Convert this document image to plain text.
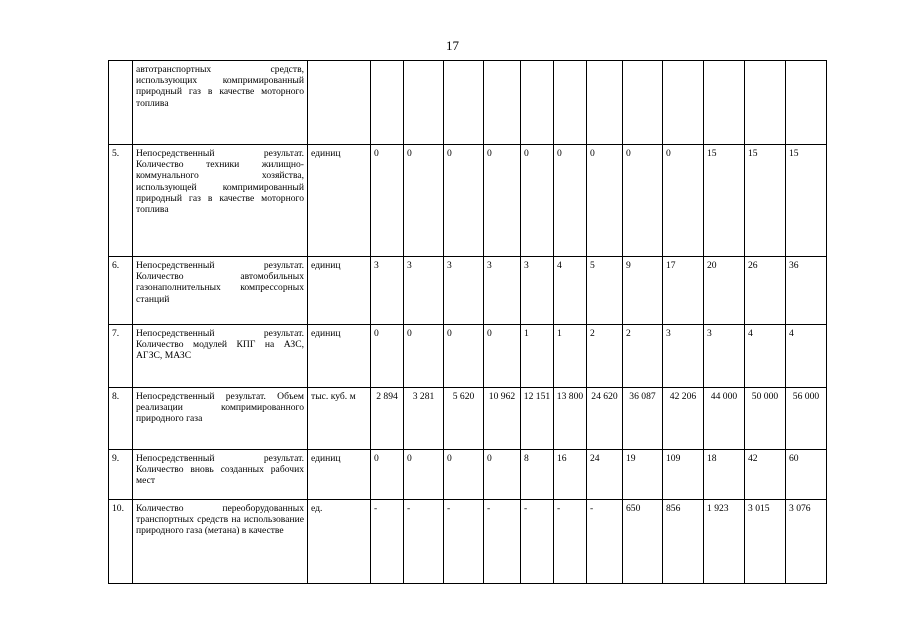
17
	автотранспортных средств, использующих компримированный природный газ в качестве моторного топлива													
5.	Непосредственный результат. Количество техники жилищно-коммунального хозяйства, использующей компримированный природный газ в качестве моторного топлива	единиц	0	0	0	0	0	0	0	0	0	15	15	15
6.	Непосредственный результат. Количество автомобильных газонаполнительных компрессорных станций	единиц	3	3	3	3	3	4	5	9	17	20	26	36
7.	Непосредственный результат. Количество модулей КПГ на АЗС, АГЗС, МАЗС	единиц	0	0	0	0	1	1	2	2	3	3	4	4
8.	Непосредственный результат. Объем реализации компримированного природного газа	тыс. куб. м	2 894	3 281	5 620	10 962	12 151	13 800	24 620	36 087	42 206	44 000	50 000	56 000
9.	Непосредственный результат. Количество вновь созданных рабочих мест	единиц	0	0	0	0	8	16	24	19	109	18	42	60
10.	Количество переоборудованных транспортных средств на использование природного газа (метана) в качестве	ед.	-	-	-	-	-	-	-	650	856	1 923	3 015	3 076
